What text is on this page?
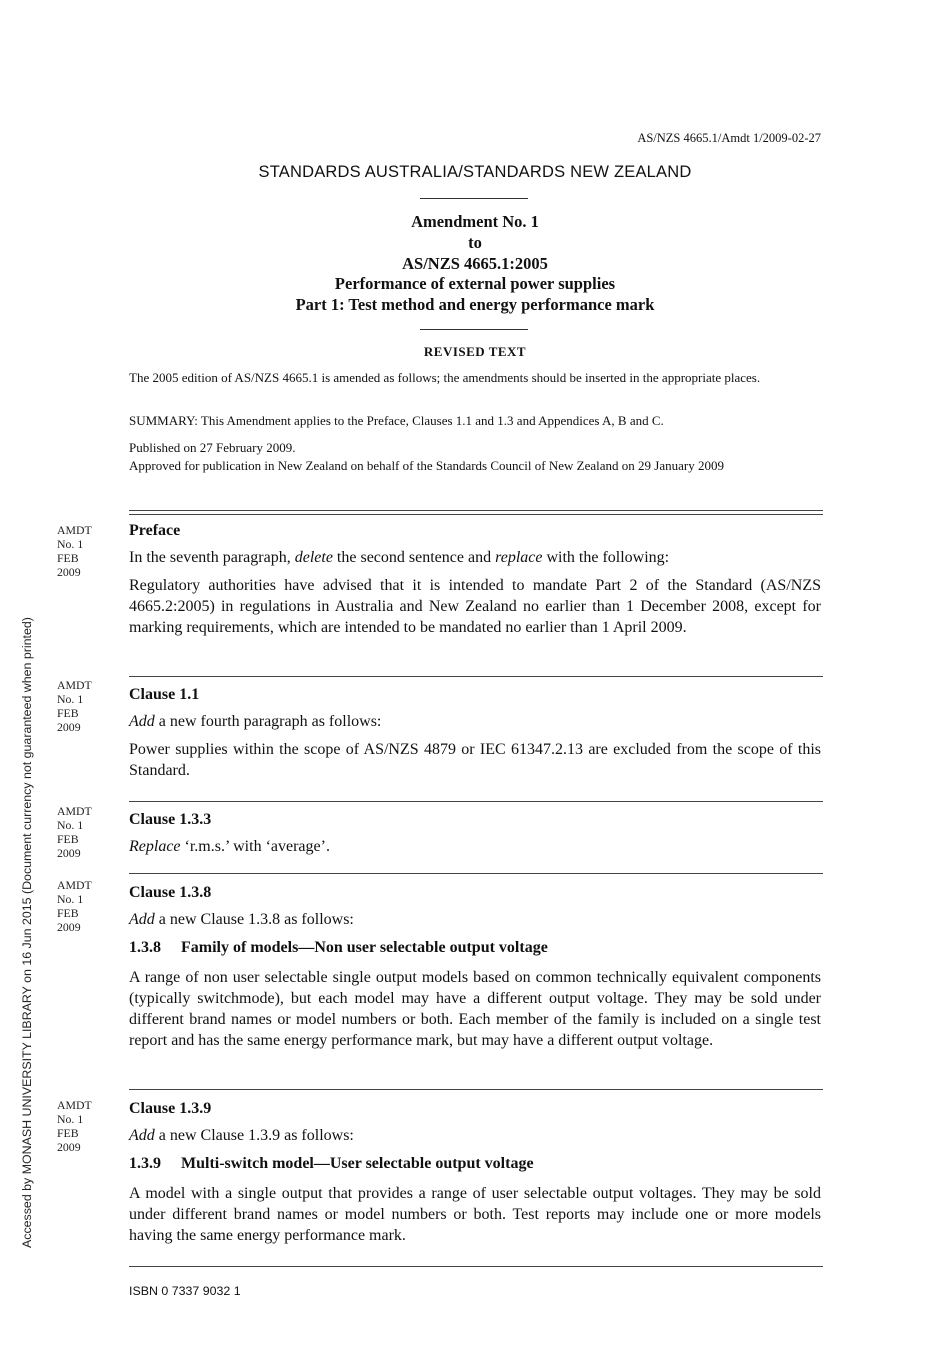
Accessed by MONASH UNIVERSITY LIBRARY on 16 Jun 2015 (Document currency not guaranteed when printed)
AS/NZS 4665.1/Amdt 1/2009-02-27
STANDARDS AUSTRALIA/STANDARDS NEW ZEALAND
Amendment No. 1
to
AS/NZS 4665.1:2005
Performance of external power supplies
Part 1: Test method and energy performance mark
REVISED TEXT
The 2005 edition of AS/NZS 4665.1 is amended as follows; the amendments should be inserted in the appropriate places.
SUMMARY: This Amendment applies to the Preface, Clauses 1.1 and 1.3 and Appendices A, B and C.
Published on 27 February 2009.
Approved for publication in New Zealand on behalf of the Standards Council of New Zealand on 29 January 2009
AMDT
No. 1
FEB
2009
Preface

In the seventh paragraph, delete the second sentence and replace with the following:

Regulatory authorities have advised that it is intended to mandate Part 2 of the Standard (AS/NZS 4665.2:2005) in regulations in Australia and New Zealand no earlier than 1 December 2008, except for marking requirements, which are intended to be mandated no earlier than 1 April 2009.

AMDT
No. 1
FEB
2009
Clause 1.1

Add a new fourth paragraph as follows:

Power supplies within the scope of AS/NZS 4879 or IEC 61347.2.13 are excluded from the scope of this Standard.

AMDT
No. 1
FEB
2009
Clause 1.3.3

Replace ‘r.m.s.’ with ‘average’.

AMDT
No. 1
FEB
2009
Clause 1.3.8

Add a new Clause 1.3.8 as follows:

1.3.8 Family of models—Non user selectable output voltage

A range of non user selectable single output models based on common technically equivalent components (typically switchmode), but each model may have a different output voltage. They may be sold under different brand names or model numbers or both. Each member of the family is included on a single test report and has the same energy performance mark, but may have a different output voltage.

AMDT
No. 1
FEB
2009
Clause 1.3.9

Add a new Clause 1.3.9 as follows:

1.3.9 Multi-switch model—User selectable output voltage

A model with a single output that provides a range of user selectable output voltages. They may be sold under different brand names or model numbers or both. Test reports may include one or more models having the same energy performance mark.

ISBN 0 7337 9032 1
